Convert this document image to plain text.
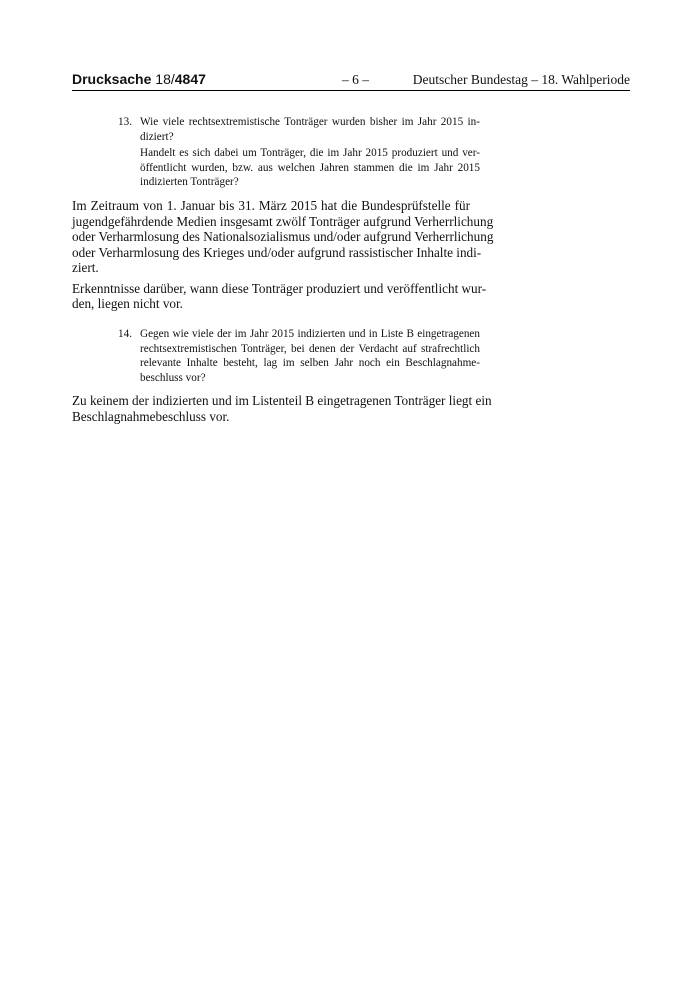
Drucksache 18/4847	– 6 –	Deutscher Bundestag – 18. Wahlperiode
13. Wie viele rechtsextremistische Tonträger wurden bisher im Jahr 2015 in-
diziert?
Handelt es sich dabei um Tonträger, die im Jahr 2015 produziert und ver-
öffentlicht wurden, bzw. aus welchen Jahren stammen die im Jahr 2015
indizierten Tonträger?
Im Zeitraum von 1. Januar bis 31. März 2015 hat die Bundesprüfstelle für
jugendgefährdende Medien insgesamt zwölf Tonträger aufgrund Verherrlichung
oder Verharmlosung des Nationalsozialismus und/oder aufgrund Verherrlichung
oder Verharmlosung des Krieges und/oder aufgrund rassistischer Inhalte indi-
ziert.
Erkenntnisse darüber, wann diese Tonträger produziert und veröffentlicht wur-
den, liegen nicht vor.
14. Gegen wie viele der im Jahr 2015 indizierten und in Liste B eingetragenen
rechtsextremistischen Tonträger, bei denen der Verdacht auf strafrechtlich
relevante Inhalte besteht, lag im selben Jahr noch ein Beschlagnahme-
beschluss vor?
Zu keinem der indizierten und im Listenteil B eingetragenen Tonträger liegt ein
Beschlagnahmebeschluss vor.
